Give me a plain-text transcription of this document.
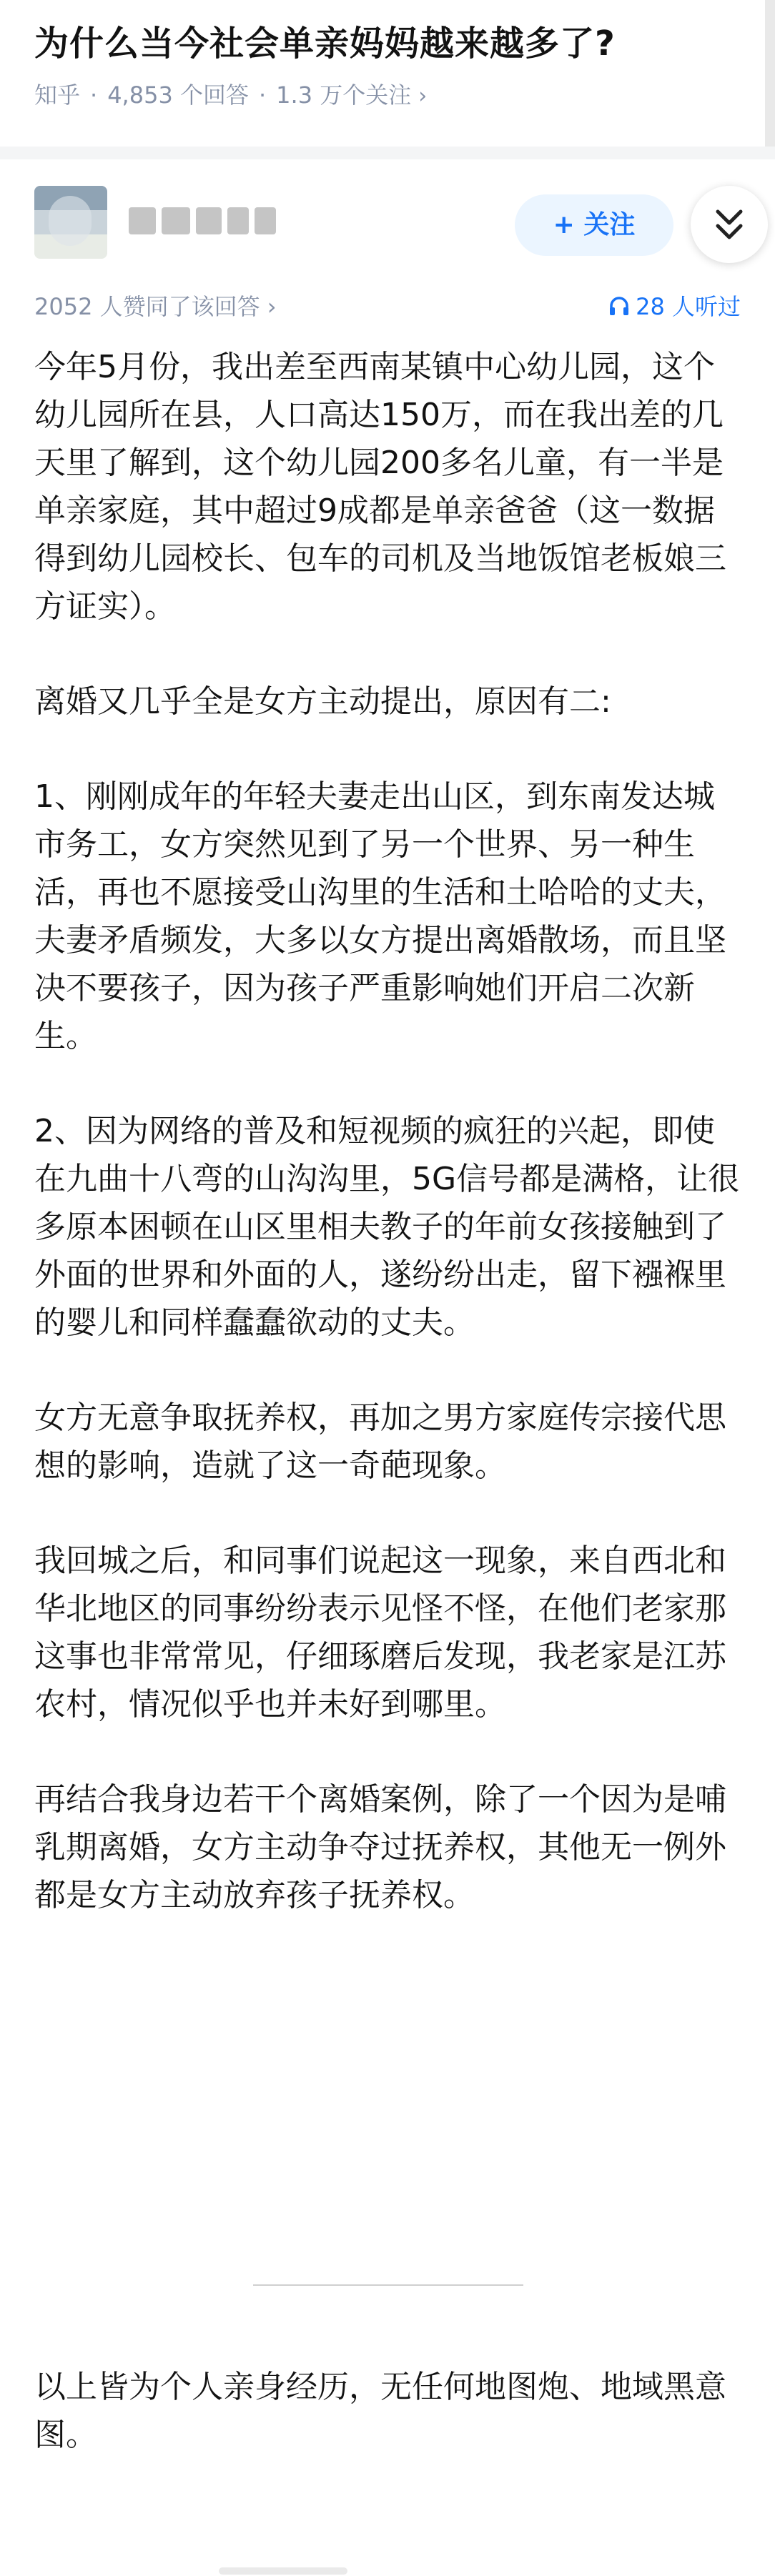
为什么当今社会单亲妈妈越来越多了?
知乎 · 4,853 个回答 · 1.3 万个关注 ›
+ 关注
2052 人赞同了该回答 ›	28 人听过

今年5月份，我出差至西南某镇中心幼儿园，这个幼儿园所在县，人口高达150万，而在我出差的几天里了解到，这个幼儿园200多名儿童，有一半是单亲家庭，其中超过9成都是单亲爸爸（这一数据得到幼儿园校长、包车的司机及当地饭馆老板娘三方证实）。

离婚又几乎全是女方主动提出，原因有二:

1、刚刚成年的年轻夫妻走出山区，到东南发达城市务工，女方突然见到了另一个世界、另一种生活，再也不愿接受山沟里的生活和土哈哈的丈夫，夫妻矛盾频发，大多以女方提出离婚散场，而且坚决不要孩子，因为孩子严重影响她们开启二次新生。

2、因为网络的普及和短视频的疯狂的兴起，即使在九曲十八弯的山沟沟里，5G信号都是满格，让很多原本困顿在山区里相夫教子的年前女孩接触到了外面的世界和外面的人，遂纷纷出走，留下襁褓里的婴儿和同样蠢蠢欲动的丈夫。

女方无意争取抚养权，再加之男方家庭传宗接代思想的影响，造就了这一奇葩现象。

我回城之后，和同事们说起这一现象，来自西北和华北地区的同事纷纷表示见怪不怪，在他们老家那这事也非常常见，仔细琢磨后发现，我老家是江苏农村，情况似乎也并未好到哪里。

再结合我身边若干个离婚案例，除了一个因为是哺乳期离婚，女方主动争夺过抚养权，其他无一例外都是女方主动放弃孩子抚养权。

以上皆为个人亲身经历，无任何地图炮、地域黑意图。
